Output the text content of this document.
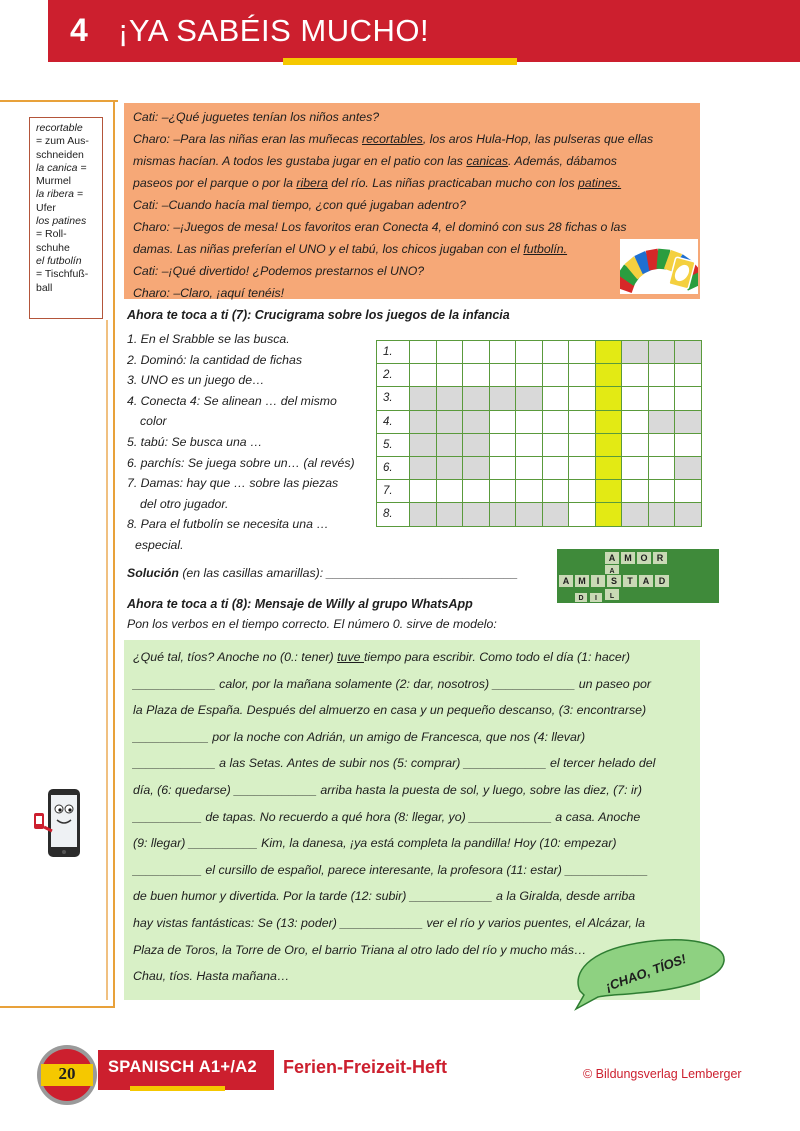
4 ¡YA SABÉIS MUCHO!
recortable
= zum Aus-schneiden
la canica =
Murmel
la ribera =
Ufer
los patines
= Roll-schuhe
el futbolín
= Tischfuß-ball
Cati: –¿Qué juguetes tenían los niños antes?
Charo: –Para las niñas eran las muñecas recortables, los aros Hula-Hop, las pulseras que ellas
mismas hacían. A todos les gustaba jugar en el patio con las canicas. Además, dábamos
paseos por el parque o por la ribera del río. Las niñas practicaban mucho con los patines.
Cati: –Cuando hacía mal tiempo, ¿con qué jugaban adentro?
Charo: –¡Juegos de mesa! Los favoritos eran Conecta 4, el dominó con sus 28 fichas o las
damas. Las niñas preferían el UNO y el tabú, los chicos jugaban con el futbolín.
Cati: –¡Qué divertido! ¿Podemos prestarnos el UNO?
Charo: –Claro, ¡aquí tenéis!
Ahora te toca a ti (7): Crucigrama sobre los juegos de la infancia
1. En el Srabble se las busca.
2. Dominó: la cantidad de fichas
3. UNO es un juego de…
4. Conecta 4: Se alinean … del mismo
color
5. tabú: Se busca una …
6. parchís: Se juega sobre un… (al revés)
7. Damas: hay que … sobre las piezas
del otro jugador.
8. Para el futbolín se necesita una …
especial.
1.											
2.											
3.											
4.											
5.											
6.											
7.											
8.											
Solución (en las casillas amarillas): ____________________________
A M O R
A
L
I
D
A M I S T A D
Ahora te toca a ti (8): Mensaje de Willy al grupo WhatsApp
Pon los verbos en el tiempo correcto. El número 0. sirve de modelo:
¿Qué tal, tíos? Anoche no (0.: tener) tuve tiempo para escribir. Como todo el día (1: hacer)
____________ calor, por la mañana solamente (2: dar, nosotros) ____________ un paseo por
la Plaza de España. Después del almuerzo en casa y un pequeño descanso, (3: encontrarse)
___________ por la noche con Adrián, un amigo de Francesca, que nos (4: llevar)
____________ a las Setas. Antes de subir nos (5: comprar) ____________ el tercer helado del
día, (6: quedarse) ____________ arriba hasta la puesta de sol, y luego, sobre las diez, (7: ir)
__________ de tapas. No recuerdo a qué hora (8: llegar, yo) ____________ a casa. Anoche
(9: llegar) __________ Kim, la danesa, ¡ya está completa la pandilla! Hoy (10: empezar)
__________ el cursillo de español, parece interesante, la profesora (11: estar) ____________
de buen humor y divertida. Por la tarde (12: subir) ____________ a la Giralda, desde arriba
hay vistas fantásticas: Se (13: poder) ____________ ver el río y varios puentes, el Alcázar, la
Plaza de Toros, la Torre de Oro, el barrio Triana al otro lado del río y mucho más…
Chau, tíos. Hasta mañana…	¡CHAO, TÍOS!
20	SPANISCH A1+/A2 Ferien-Freizeit-Heft	© Bildungsverlag Lemberger
